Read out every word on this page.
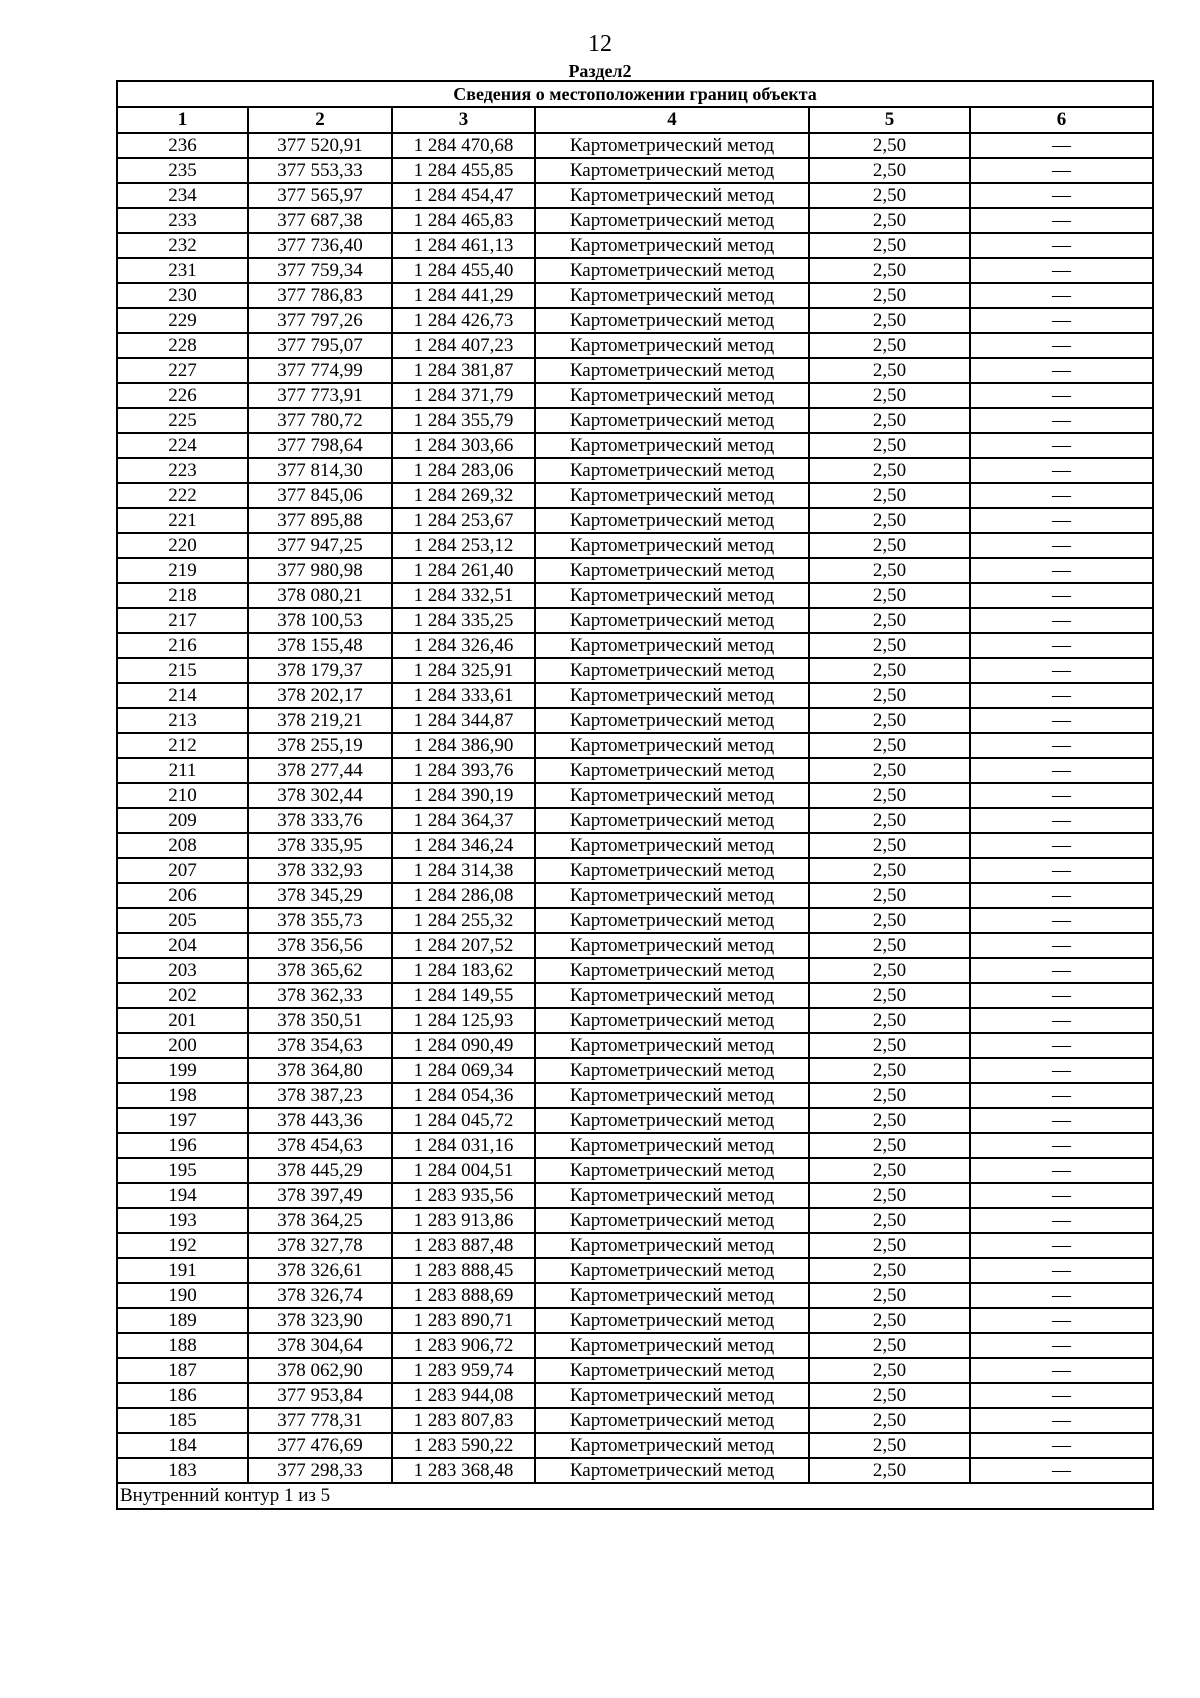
12
Раздел2
Сведения о местоположении границ объекта					
1	2	3	4	5	6
236	377 520,91	1 284 470,68	Картометрический метод	2,50	—
235	377 553,33	1 284 455,85	Картометрический метод	2,50	—
234	377 565,97	1 284 454,47	Картометрический метод	2,50	—
233	377 687,38	1 284 465,83	Картометрический метод	2,50	—
232	377 736,40	1 284 461,13	Картометрический метод	2,50	—
231	377 759,34	1 284 455,40	Картометрический метод	2,50	—
230	377 786,83	1 284 441,29	Картометрический метод	2,50	—
229	377 797,26	1 284 426,73	Картометрический метод	2,50	—
228	377 795,07	1 284 407,23	Картометрический метод	2,50	—
227	377 774,99	1 284 381,87	Картометрический метод	2,50	—
226	377 773,91	1 284 371,79	Картометрический метод	2,50	—
225	377 780,72	1 284 355,79	Картометрический метод	2,50	—
224	377 798,64	1 284 303,66	Картометрический метод	2,50	—
223	377 814,30	1 284 283,06	Картометрический метод	2,50	—
222	377 845,06	1 284 269,32	Картометрический метод	2,50	—
221	377 895,88	1 284 253,67	Картометрический метод	2,50	—
220	377 947,25	1 284 253,12	Картометрический метод	2,50	—
219	377 980,98	1 284 261,40	Картометрический метод	2,50	—
218	378 080,21	1 284 332,51	Картометрический метод	2,50	—
217	378 100,53	1 284 335,25	Картометрический метод	2,50	—
216	378 155,48	1 284 326,46	Картометрический метод	2,50	—
215	378 179,37	1 284 325,91	Картометрический метод	2,50	—
214	378 202,17	1 284 333,61	Картометрический метод	2,50	—
213	378 219,21	1 284 344,87	Картометрический метод	2,50	—
212	378 255,19	1 284 386,90	Картометрический метод	2,50	—
211	378 277,44	1 284 393,76	Картометрический метод	2,50	—
210	378 302,44	1 284 390,19	Картометрический метод	2,50	—
209	378 333,76	1 284 364,37	Картометрический метод	2,50	—
208	378 335,95	1 284 346,24	Картометрический метод	2,50	—
207	378 332,93	1 284 314,38	Картометрический метод	2,50	—
206	378 345,29	1 284 286,08	Картометрический метод	2,50	—
205	378 355,73	1 284 255,32	Картометрический метод	2,50	—
204	378 356,56	1 284 207,52	Картометрический метод	2,50	—
203	378 365,62	1 284 183,62	Картометрический метод	2,50	—
202	378 362,33	1 284 149,55	Картометрический метод	2,50	—
201	378 350,51	1 284 125,93	Картометрический метод	2,50	—
200	378 354,63	1 284 090,49	Картометрический метод	2,50	—
199	378 364,80	1 284 069,34	Картометрический метод	2,50	—
198	378 387,23	1 284 054,36	Картометрический метод	2,50	—
197	378 443,36	1 284 045,72	Картометрический метод	2,50	—
196	378 454,63	1 284 031,16	Картометрический метод	2,50	—
195	378 445,29	1 284 004,51	Картометрический метод	2,50	—
194	378 397,49	1 283 935,56	Картометрический метод	2,50	—
193	378 364,25	1 283 913,86	Картометрический метод	2,50	—
192	378 327,78	1 283 887,48	Картометрический метод	2,50	—
191	378 326,61	1 283 888,45	Картометрический метод	2,50	—
190	378 326,74	1 283 888,69	Картометрический метод	2,50	—
189	378 323,90	1 283 890,71	Картометрический метод	2,50	—
188	378 304,64	1 283 906,72	Картометрический метод	2,50	—
187	378 062,90	1 283 959,74	Картометрический метод	2,50	—
186	377 953,84	1 283 944,08	Картометрический метод	2,50	—
185	377 778,31	1 283 807,83	Картометрический метод	2,50	—
184	377 476,69	1 283 590,22	Картометрический метод	2,50	—
183	377 298,33	1 283 368,48	Картометрический метод	2,50	—
Внутренний контур 1 из 5					
